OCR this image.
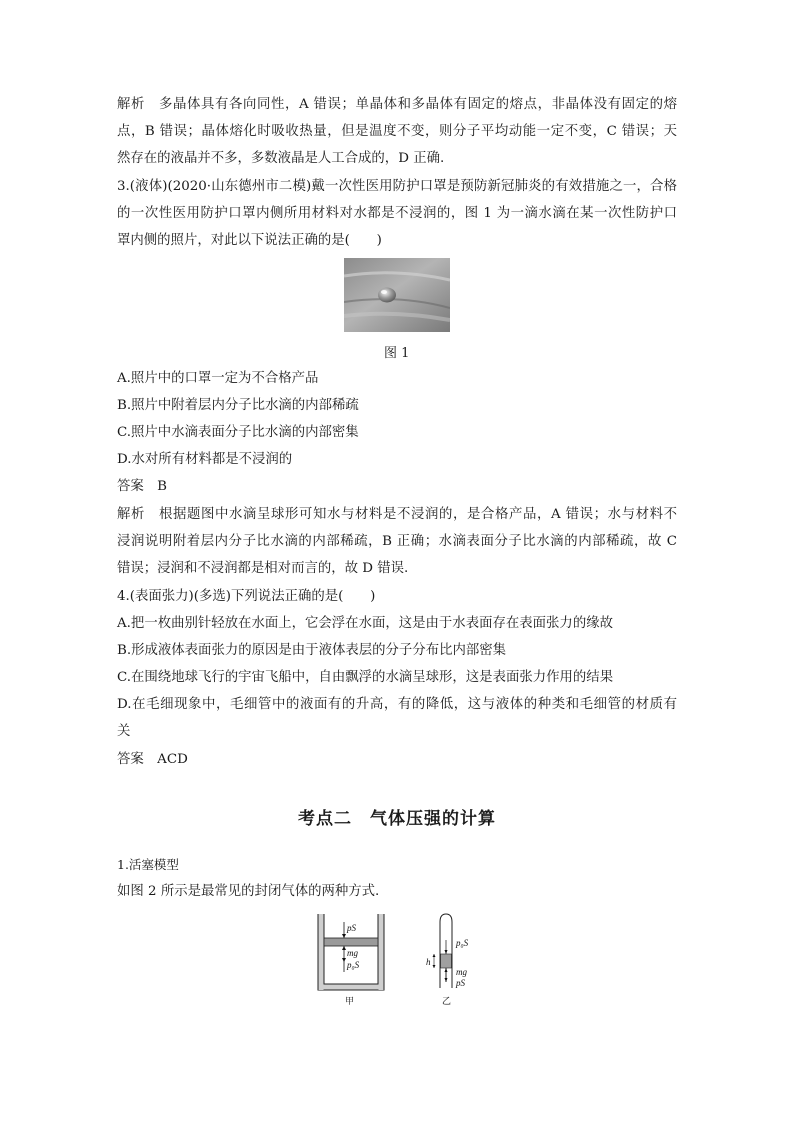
解析　多晶体具有各向同性，A 错误；单晶体和多晶体有固定的熔点，非晶体没有固定的熔
点，B 错误；晶体熔化时吸收热量，但是温度不变，则分子平均动能一定不变，C 错误；天
然存在的液晶并不多，多数液晶是人工合成的，D 正确.
3.(液体)(2020·山东德州市二模)戴一次性医用防护口罩是预防新冠肺炎的有效措施之一，合格
的一次性医用防护口罩内侧所用材料对水都是不浸润的，图 1 为一滴水滴在某一次性防护口
罩内侧的照片，对此以下说法正确的是(　　)
图 1
A.照片中的口罩一定为不合格产品
B.照片中附着层内分子比水滴的内部稀疏
C.照片中水滴表面分子比水滴的内部密集
D.水对所有材料都是不浸润的
答案　B
解析　根据题图中水滴呈球形可知水与材料是不浸润的，是合格产品，A 错误；水与材料不
浸润说明附着层内分子比水滴的内部稀疏，B 正确；水滴表面分子比水滴的内部稀疏，故 C
错误；浸润和不浸润都是相对而言的，故 D 错误.
4.(表面张力)(多选)下列说法正确的是(　　)
A.把一枚曲别针轻放在水面上，它会浮在水面，这是由于水表面存在表面张力的缘故
B.形成液体表面张力的原因是由于液体表层的分子分布比内部密集
C.在围绕地球飞行的宇宙飞船中，自由飘浮的水滴呈球形，这是表面张力作用的结果
D.在毛细现象中，毛细管中的液面有的升高，有的降低，这与液体的种类和毛细管的材质有
关
答案　ACD
考点二　气体压强的计算
1.活塞模型
如图 2 所示是最常见的封闭气体的两种方式.
pS
mg
p₀S
甲
p₀S
h
mg
pS
乙
